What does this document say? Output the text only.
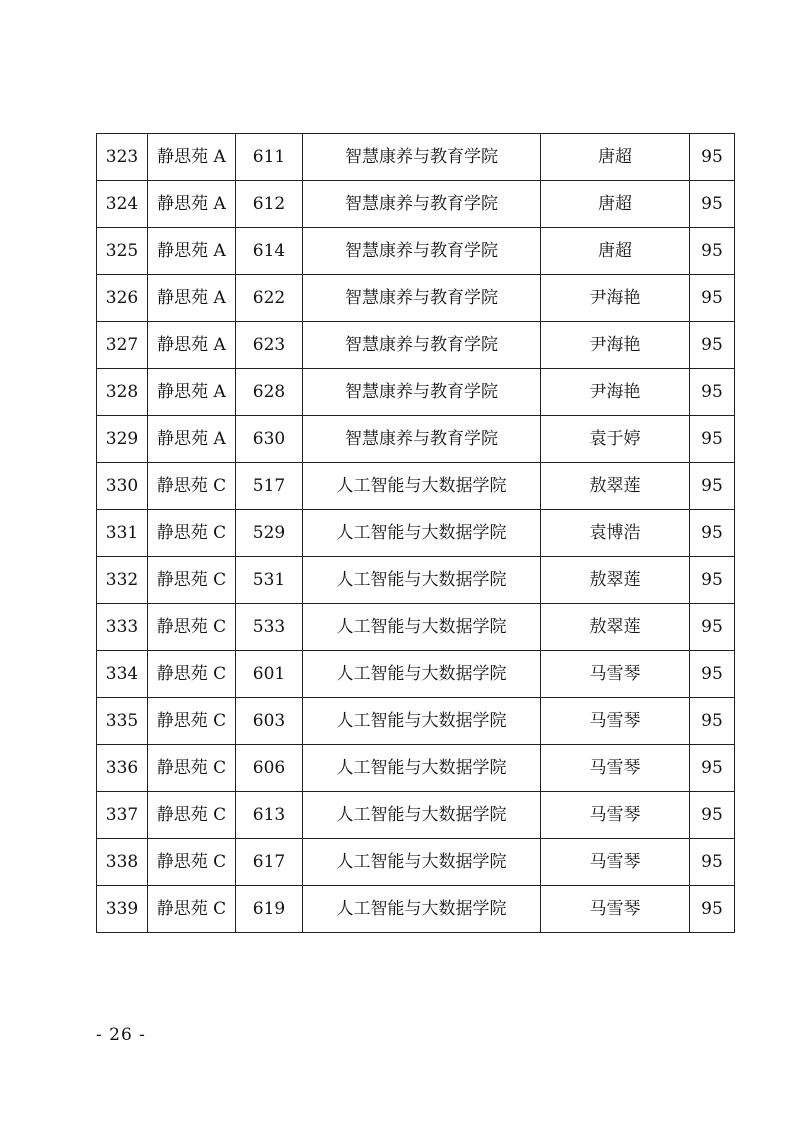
323	静思苑 A	611	智慧康养与教育学院	唐超	95
324	静思苑 A	612	智慧康养与教育学院	唐超	95
325	静思苑 A	614	智慧康养与教育学院	唐超	95
326	静思苑 A	622	智慧康养与教育学院	尹海艳	95
327	静思苑 A	623	智慧康养与教育学院	尹海艳	95
328	静思苑 A	628	智慧康养与教育学院	尹海艳	95
329	静思苑 A	630	智慧康养与教育学院	袁于婷	95
330	静思苑 C	517	人工智能与大数据学院	敖翠莲	95
331	静思苑 C	529	人工智能与大数据学院	袁博浩	95
332	静思苑 C	531	人工智能与大数据学院	敖翠莲	95
333	静思苑 C	533	人工智能与大数据学院	敖翠莲	95
334	静思苑 C	601	人工智能与大数据学院	马雪琴	95
335	静思苑 C	603	人工智能与大数据学院	马雪琴	95
336	静思苑 C	606	人工智能与大数据学院	马雪琴	95
337	静思苑 C	613	人工智能与大数据学院	马雪琴	95
338	静思苑 C	617	人工智能与大数据学院	马雪琴	95
339	静思苑 C	619	人工智能与大数据学院	马雪琴	95
- 26 -
